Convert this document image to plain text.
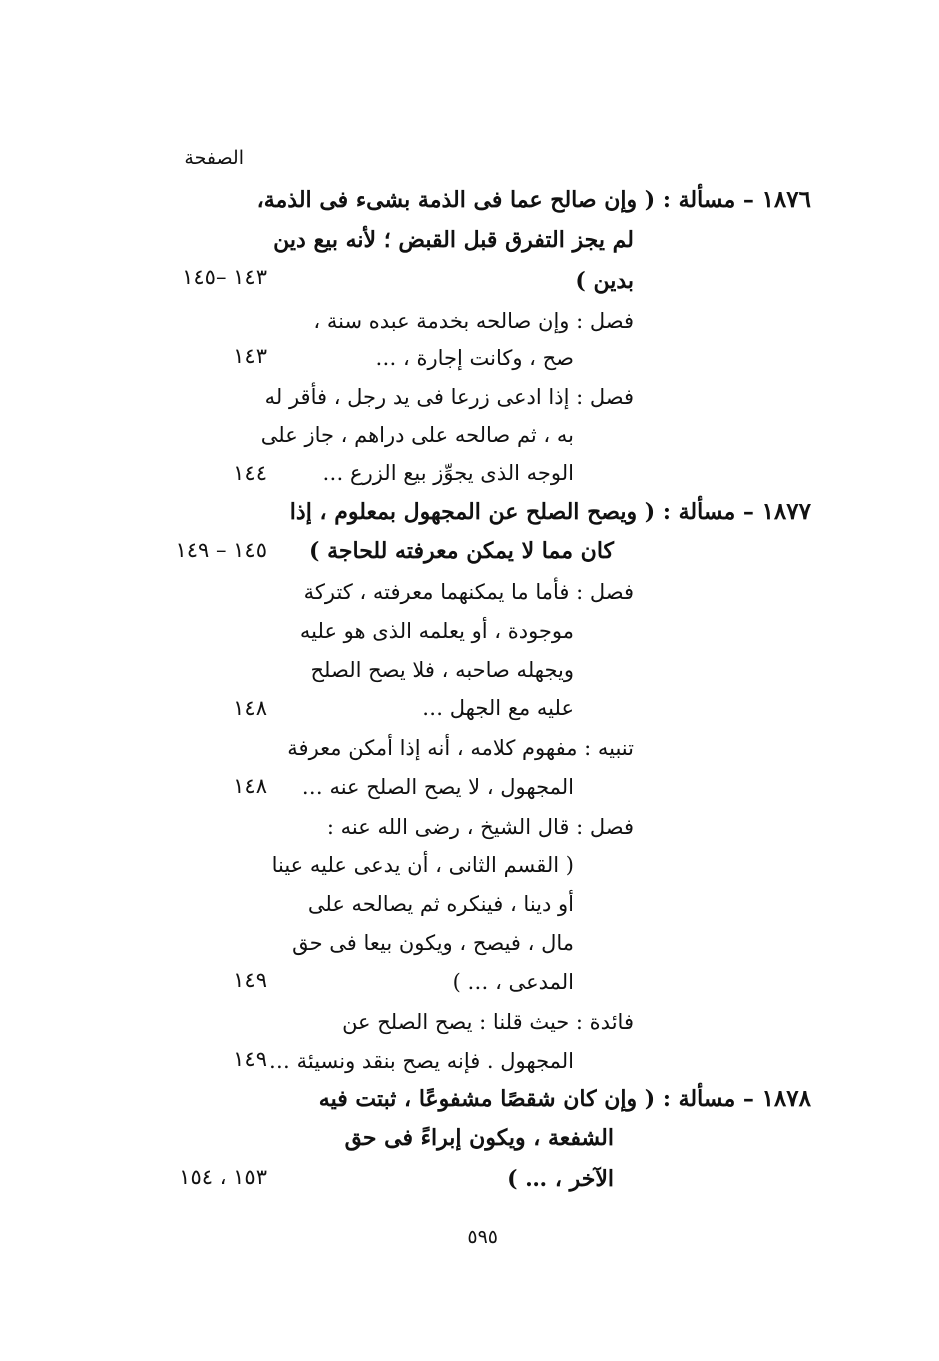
الصفحة
١٨٧٦ – مسألة : ( وإن صالح عما فى الذمة بشىء فى الذمة،
لم يجز التفرق قبل القبض ؛ لأنه بيع دين
بدين )
١٤٣ –١٤٥
فصل : وإن صالحه بخدمة عبده سنة ،
صح ، وكانت إجارة ، …
١٤٣
فصل : إذا ادعى زرعا فى يد رجل ، فأقر له
به ، ثم صالحه على دراهم ، جاز على
الوجه الذى يجوِّز بيع الزرع …
١٤٤
١٨٧٧ – مسألة : ( ويصح الصلح عن المجهول بمعلوم ، إذا
كان مما لا يمكن معرفته للحاجة )
١٤٥ – ١٤٩
فصل : فأما ما يمكنهما معرفته ، كتركة
موجودة ، أو يعلمه الذى هو عليه
ويجهله صاحبه ، فلا يصح الصلح
عليه مع الجهل …
١٤٨
تنبيه : مفهوم كلامه ، أنه إذا أمكن معرفة
المجهول ، لا يصح الصلح عنه …
١٤٨
فصل : قال الشيخ ، رضى الله عنه :
( القسم الثانى ، أن يدعى عليه عينا
أو دينا ، فينكره ثم يصالحه على
مال ، فيصح ، ويكون بيعا فى حق
المدعى ، … )
١٤٩
فائدة : حيث قلنا : يصح الصلح عن
المجهول . فإنه يصح بنقد ونسيئة …
١٤٩
١٨٧٨ – مسألة : ( وإن كان شقصًا مشفوعًا ، ثبتت فيه
الشفعة ، ويكون إبراءً فى حق
الآخر ، … )
١٥٣ ، ١٥٤
٥٩٥
